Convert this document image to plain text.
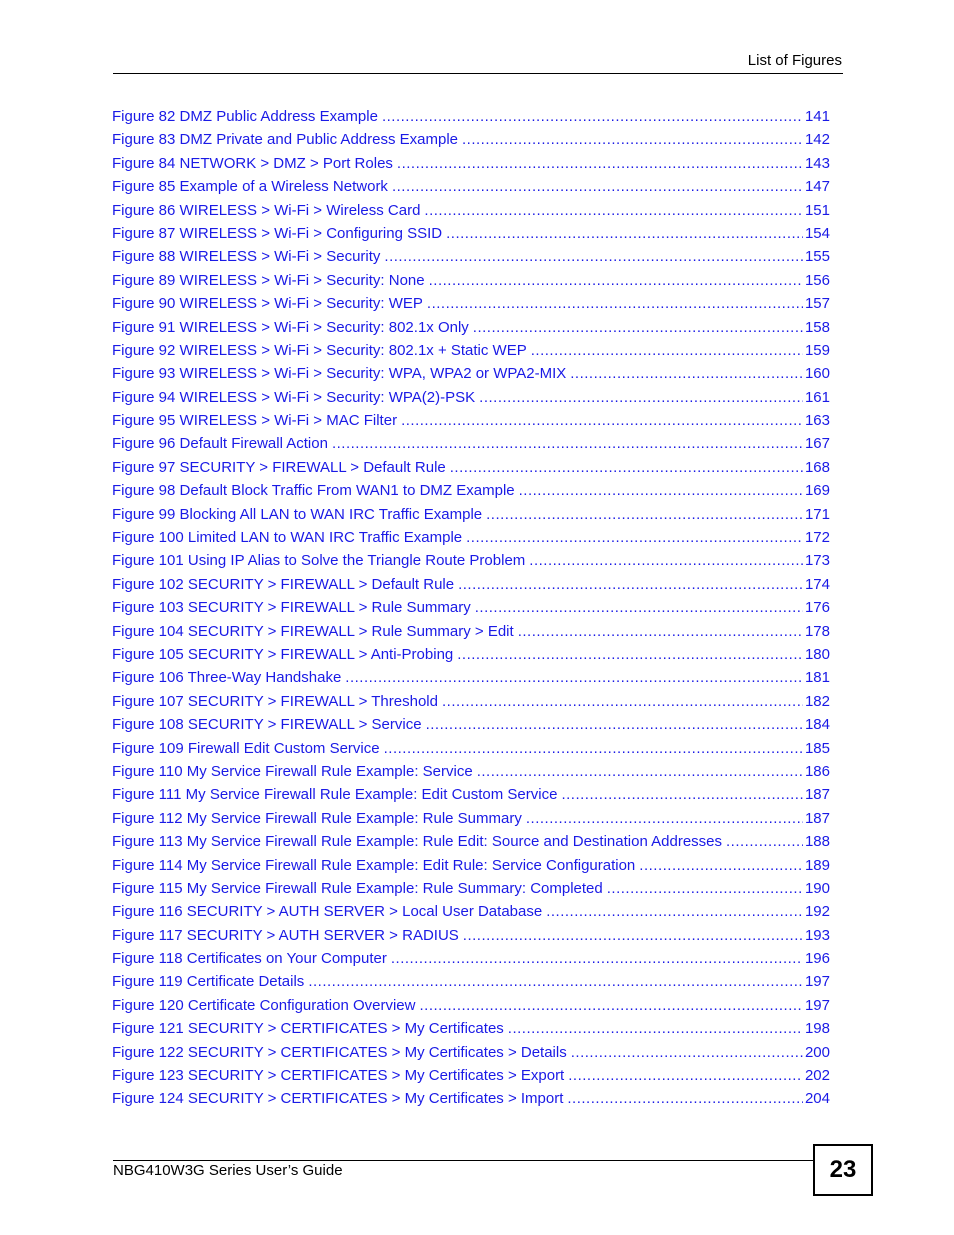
List of Figures
Figure 82 DMZ Public Address Example .....	141
Figure 83 DMZ Private and Public Address Example .....	142
Figure 84 NETWORK > DMZ > Port Roles .....	143
Figure 85 Example of a Wireless Network .....	147
Figure 86 WIRELESS > Wi-Fi > Wireless Card .....	151
Figure 87 WIRELESS > Wi-Fi > Configuring SSID .....	154
Figure 88 WIRELESS > Wi-Fi > Security .....	155
Figure 89 WIRELESS > Wi-Fi > Security: None .....	156
Figure 90 WIRELESS > Wi-Fi > Security: WEP .....	157
Figure 91 WIRELESS > Wi-Fi > Security: 802.1x Only .....	158
Figure 92 WIRELESS > Wi-Fi > Security: 802.1x + Static WEP .....	159
Figure 93 WIRELESS > Wi-Fi > Security: WPA, WPA2 or WPA2-MIX .....	160
Figure 94 WIRELESS > Wi-Fi > Security: WPA(2)-PSK .....	161
Figure 95 WIRELESS > Wi-Fi > MAC Filter .....	163
Figure 96 Default Firewall Action .....	167
Figure 97 SECURITY > FIREWALL > Default Rule .....	168
Figure 98 Default Block Traffic From WAN1 to DMZ Example .....	169
Figure 99 Blocking All LAN to WAN IRC Traffic Example .....	171
Figure 100 Limited LAN to WAN IRC Traffic Example .....	172
Figure 101 Using IP Alias to Solve the Triangle Route Problem .....	173
Figure 102 SECURITY > FIREWALL > Default Rule .....	174
Figure 103 SECURITY > FIREWALL > Rule Summary .....	176
Figure 104 SECURITY > FIREWALL > Rule Summary > Edit .....	178
Figure 105 SECURITY > FIREWALL > Anti-Probing .....	180
Figure 106 Three-Way Handshake .....	181
Figure 107 SECURITY > FIREWALL > Threshold .....	182
Figure 108 SECURITY > FIREWALL > Service .....	184
Figure 109 Firewall Edit Custom Service .....	185
Figure 110 My Service Firewall Rule Example: Service .....	186
Figure 111 My Service Firewall Rule Example: Edit Custom Service .....	187
Figure 112 My Service Firewall Rule Example: Rule Summary .....	187
Figure 113 My Service Firewall Rule Example: Rule Edit: Source and Destination Addresses .....	188
Figure 114 My Service Firewall Rule Example: Edit Rule: Service Configuration .....	189
Figure 115 My Service Firewall Rule Example: Rule Summary: Completed .....	190
Figure 116 SECURITY > AUTH SERVER > Local User Database .....	192
Figure 117 SECURITY > AUTH SERVER > RADIUS .....	193
Figure 118 Certificates on Your Computer .....	196
Figure 119 Certificate Details .....	197
Figure 120 Certificate Configuration Overview .....	197
Figure 121 SECURITY > CERTIFICATES > My Certificates .....	198
Figure 122 SECURITY > CERTIFICATES > My Certificates > Details .....	200
Figure 123 SECURITY > CERTIFICATES > My Certificates > Export .....	202
Figure 124 SECURITY > CERTIFICATES > My Certificates > Import .....	204
NBG410W3G Series User’s Guide	23
